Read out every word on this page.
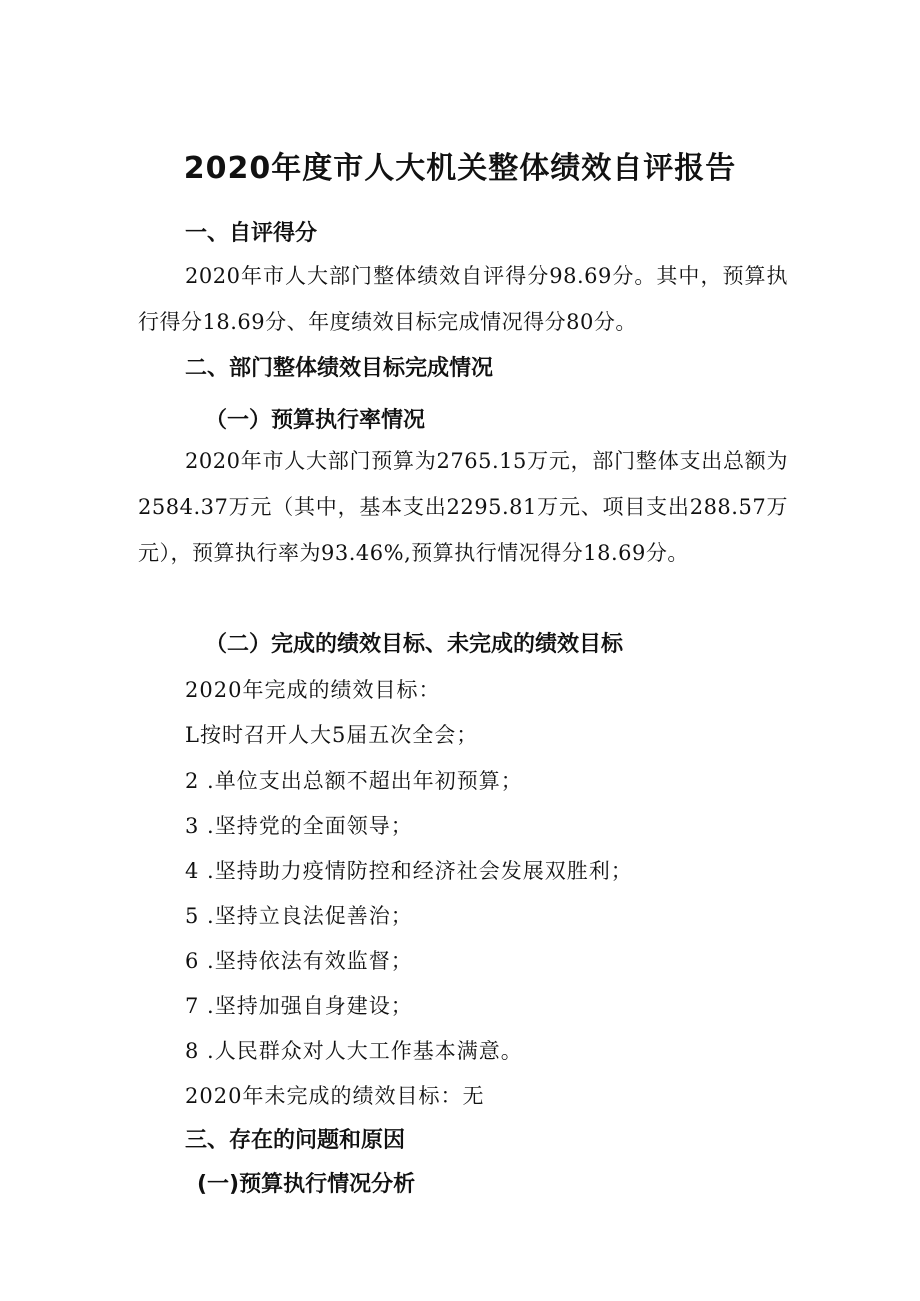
2020年度市人大机关整体绩效自评报告
一、自评得分
2020年市人大部门整体绩效自评得分98.69分。其中，预算执行得分18.69分、年度绩效目标完成情况得分80分。
二、部门整体绩效目标完成情况
（一）预算执行率情况
2020年市人大部门预算为2765.15万元，部门整体支出总额为2584.37万元（其中，基本支出2295.81万元、项目支出288.57万元），预算执行率为93.46%,预算执行情况得分18.69分。
（二）完成的绩效目标、未完成的绩效目标
2020年完成的绩效目标：
L按时召开人大5届五次全会；
2 .单位支出总额不超出年初预算；
3 .坚持党的全面领导；
4 .坚持助力疫情防控和经济社会发展双胜利；
5 .坚持立良法促善治；
6 .坚持依法有效监督；
7 .坚持加强自身建设；
8 .人民群众对人大工作基本满意。
2020年未完成的绩效目标：无
三、存在的问题和原因
(一)预算执行情况分析
